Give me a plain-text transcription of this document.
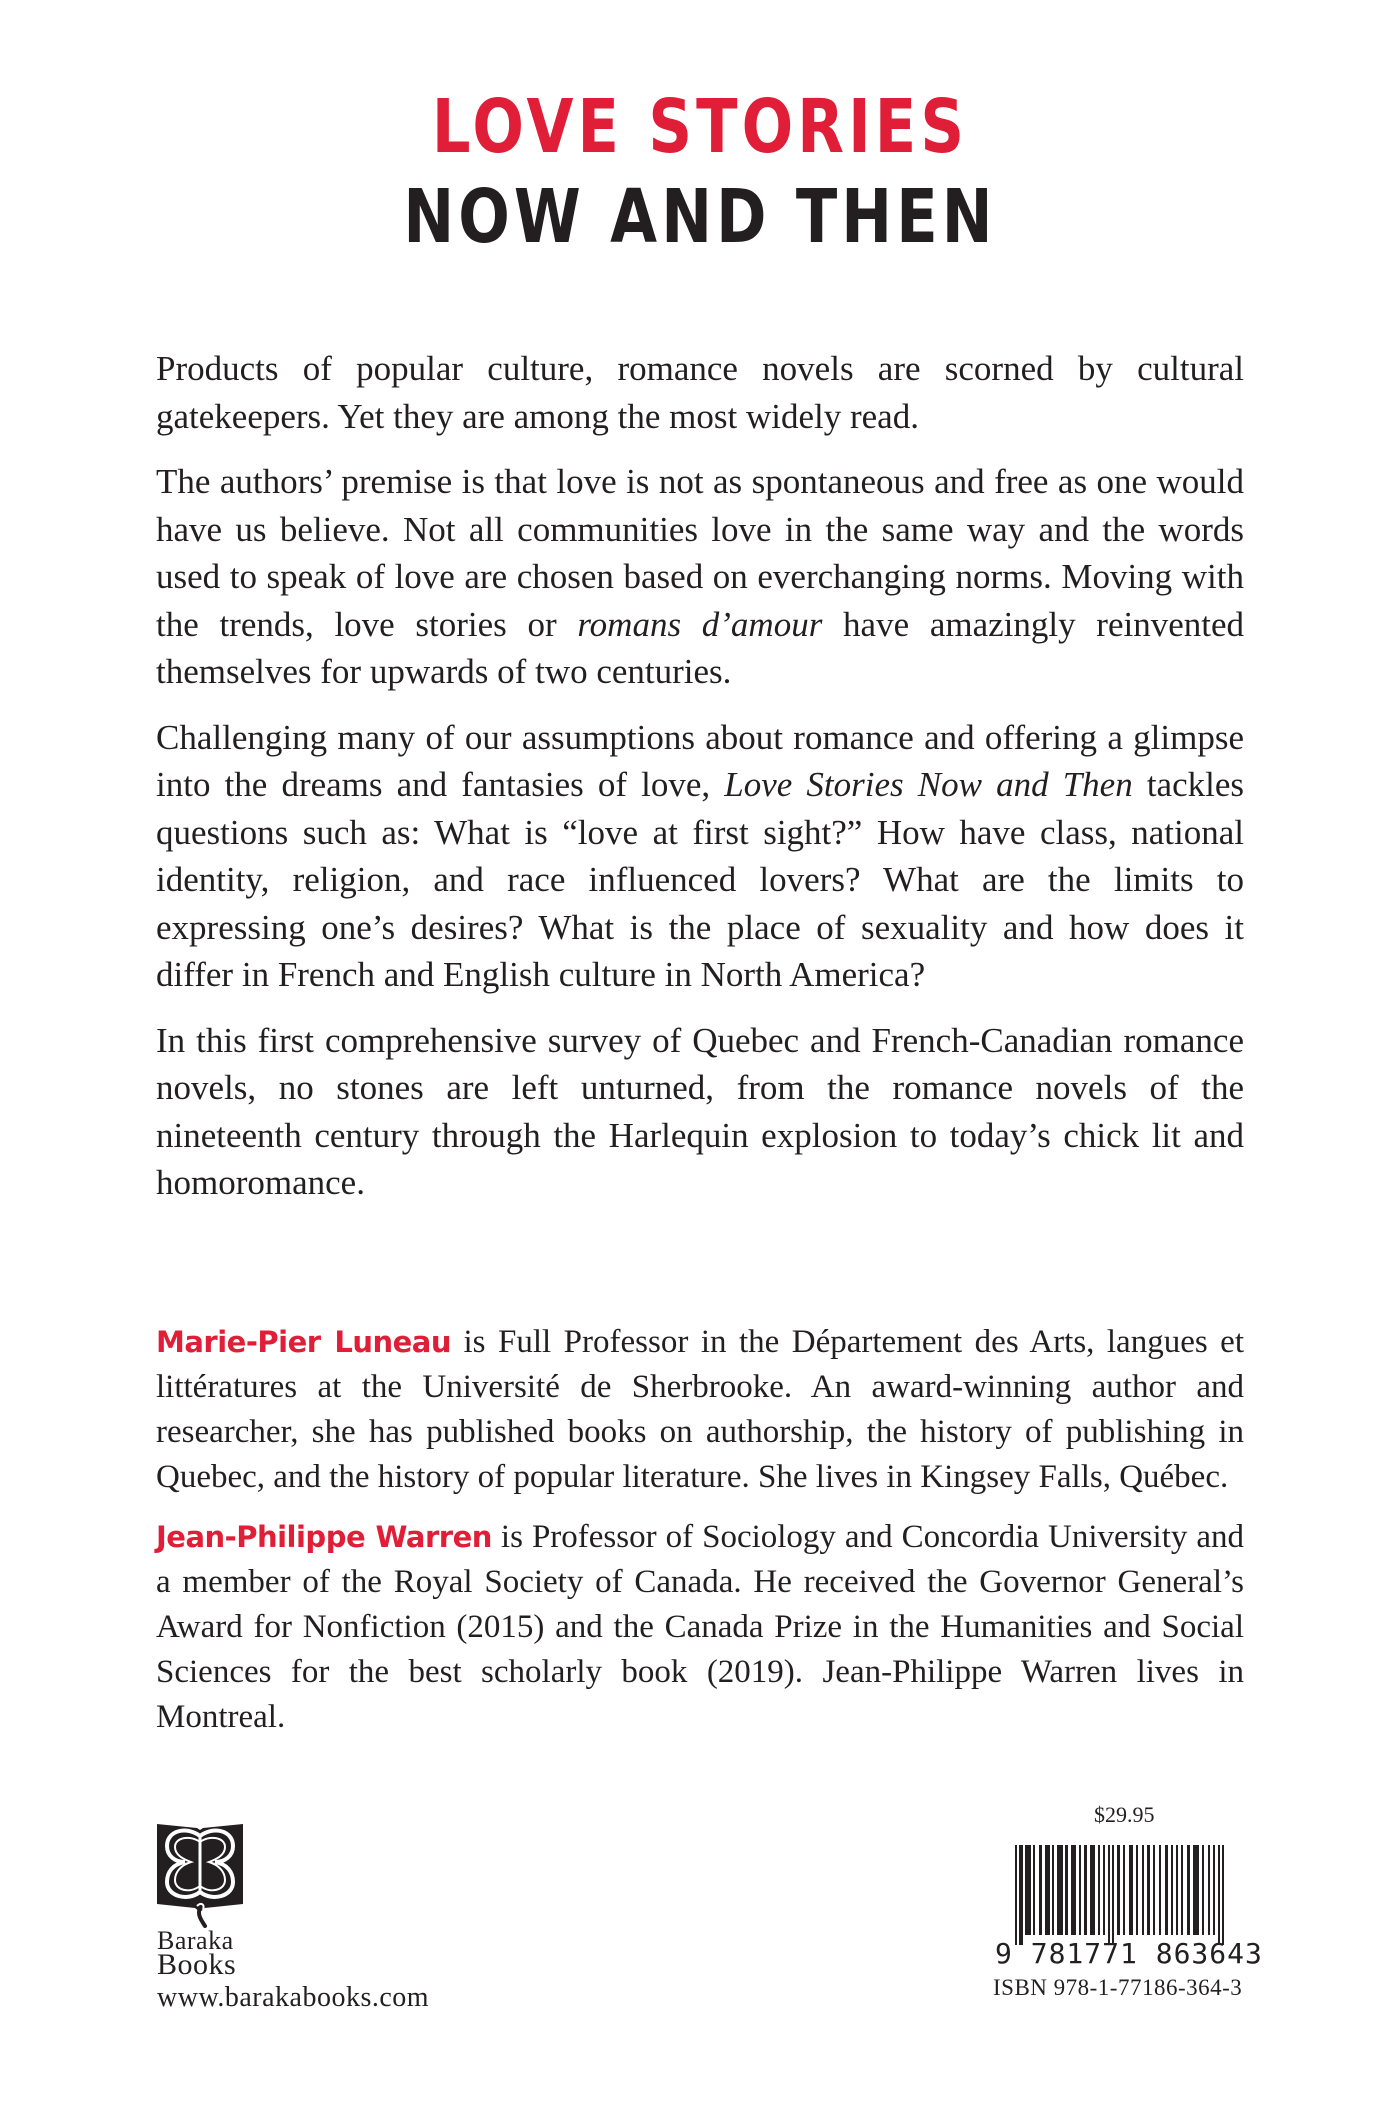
LOVE STORIES
NOW AND THEN

Products of popular culture, romance novels are scorned by cultural gatekeepers. Yet they are among the most widely read.

The authors’ premise is that love is not as spontaneous and free as one would have us believe. Not all communities love in the same way and the words used to speak of love are chosen based on everchanging norms. Moving with the trends, love stories or romans d’amour have amazingly reinvented themselves for upwards of two centuries.

Challenging many of our assumptions about romance and offering a glimpse into the dreams and fantasies of love, Love Stories Now and Then tackles questions such as: What is “love at first sight?” How have class, national identity, religion, and race influenced lovers? What are the limits to expressing one’s desires? What is the place of sexuality and how does it differ in French and English culture in North America?

In this first comprehensive survey of Quebec and French-Canadian romance novels, no stones are left unturned, from the romance novels of the nineteenth century through the Harlequin explosion to today’s chick lit and homoromance.

Marie-Pier Luneau is Full Professor in the Département des Arts, langues et littératures at the Université de Sherbrooke. An award-winning author and researcher, she has published books on authorship, the history of publishing in Quebec, and the history of popular literature. She lives in Kingsey Falls, Québec.

Jean-Philippe Warren is Professor of Sociology and Concordia University and a member of the Royal Society of Canada. He received the Governor General’s Award for Nonfiction (2015) and the Canada Prize in the Humanities and Social Sciences for the best scholarly book (2019). Jean-Philippe Warren lives in Montreal.

Baraka
Books
www.barakabooks.com
$29.95
9 781771 863643
ISBN 978-1-77186-364-3
